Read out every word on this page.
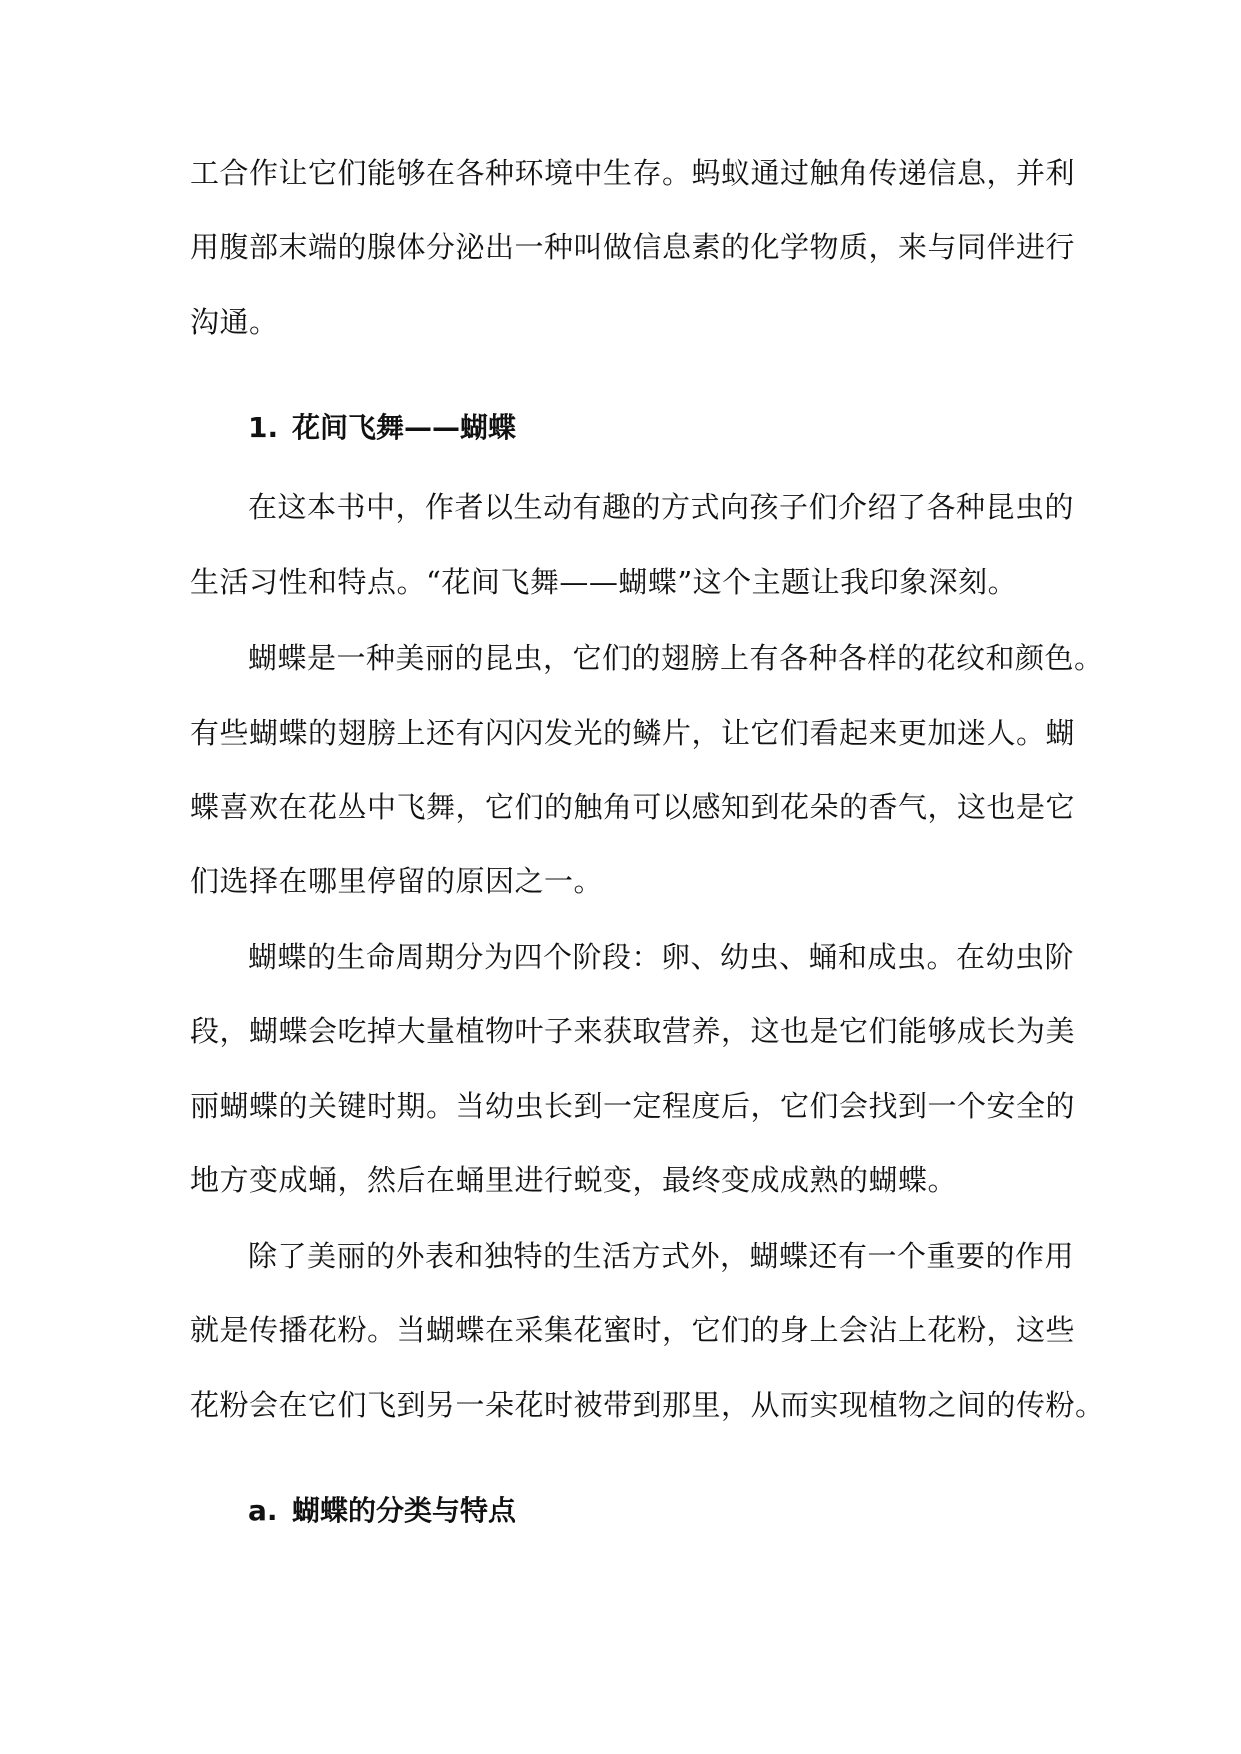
工合作让它们能够在各种环境中生存。蚂蚁通过触角传递信息，并利
用腹部末端的腺体分泌出一种叫做信息素的化学物质，来与同伴进行
沟通。
1. 花间飞舞——蝴蝶
在这本书中，作者以生动有趣的方式向孩子们介绍了各种昆虫的
生活习性和特点。“花间飞舞——蝴蝶”这个主题让我印象深刻。
蝴蝶是一种美丽的昆虫，它们的翅膀上有各种各样的花纹和颜色。
有些蝴蝶的翅膀上还有闪闪发光的鳞片，让它们看起来更加迷人。蝴
蝶喜欢在花丛中飞舞，它们的触角可以感知到花朵的香气，这也是它
们选择在哪里停留的原因之一。
蝴蝶的生命周期分为四个阶段：卵、幼虫、蛹和成虫。在幼虫阶
段，蝴蝶会吃掉大量植物叶子来获取营养，这也是它们能够成长为美
丽蝴蝶的关键时期。当幼虫长到一定程度后，它们会找到一个安全的
地方变成蛹，然后在蛹里进行蜕变，最终变成成熟的蝴蝶。
除了美丽的外表和独特的生活方式外，蝴蝶还有一个重要的作用
就是传播花粉。当蝴蝶在采集花蜜时，它们的身上会沾上花粉，这些
花粉会在它们飞到另一朵花时被带到那里，从而实现植物之间的传粉。
a. 蝴蝶的分类与特点
